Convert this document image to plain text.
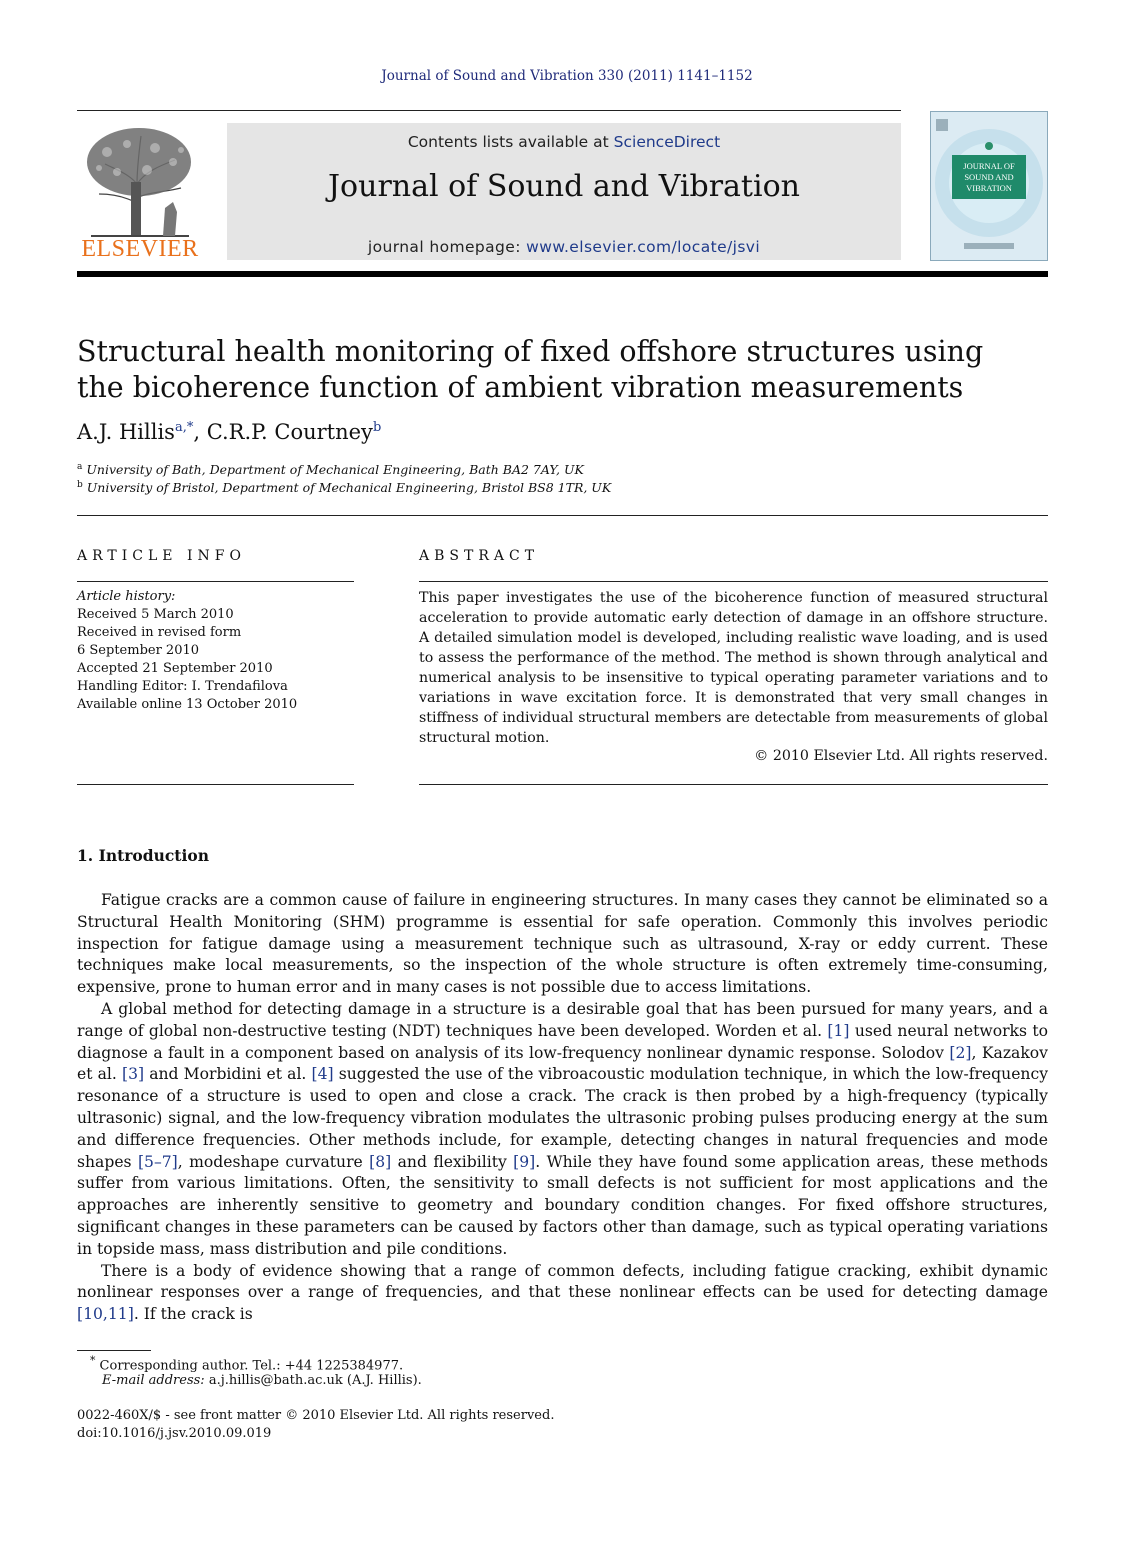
Journal of Sound and Vibration 330 (2011) 1141–1152
ELSEVIER
Contents lists available at ScienceDirect
Journal of Sound and Vibration
journal homepage: www.elsevier.com/locate/jsvi
JOURNAL OF
SOUND AND
VIBRATION
Structural health monitoring of fixed offshore structures using
the bicoherence function of ambient vibration measurements
A.J. Hillis$^{a,*}$, C.R.P. Courtney$^b$
$^a$ University of Bath, Department of Mechanical Engineering, Bath BA2 7AY, UK
$^b$ University of Bristol, Department of Mechanical Engineering, Bristol BS8 1TR, UK
ARTICLE INFO
Article history:
Received 5 March 2010
Received in revised form
6 September 2010
Accepted 21 September 2010
Handling Editor: I. Trendafilova
Available online 13 October 2010
ABSTRACT
This paper investigates the use of the bicoherence function of measured structural acceleration to provide automatic early detection of damage in an offshore structure. A detailed simulation model is developed, including realistic wave loading, and is used to assess the performance of the method. The method is shown through analytical and numerical analysis to be insensitive to typical operating parameter variations and to variations in wave excitation force. It is demonstrated that very small changes in stiffness of individual structural members are detectable from measurements of global structural motion.
© 2010 Elsevier Ltd. All rights reserved.
1. Introduction

Fatigue cracks are a common cause of failure in engineering structures. In many cases they cannot be eliminated so a Structural Health Monitoring (SHM) programme is essential for safe operation. Commonly this involves periodic inspection for fatigue damage using a measurement technique such as ultrasound, X-ray or eddy current. These techniques make local measurements, so the inspection of the whole structure is often extremely time-consuming, expensive, prone to human error and in many cases is not possible due to access limitations.

A global method for detecting damage in a structure is a desirable goal that has been pursued for many years, and a range of global non-destructive testing (NDT) techniques have been developed. Worden et al. [1] used neural networks to diagnose a fault in a component based on analysis of its low-frequency nonlinear dynamic response. Solodov [2], Kazakov et al. [3] and Morbidini et al. [4] suggested the use of the vibroacoustic modulation technique, in which the low-frequency resonance of a structure is used to open and close a crack. The crack is then probed by a high-frequency (typically ultrasonic) signal, and the low-frequency vibration modulates the ultrasonic probing pulses producing energy at the sum and difference frequencies. Other methods include, for example, detecting changes in natural frequencies and mode shapes [5–7], modeshape curvature [8] and flexibility [9]. While they have found some application areas, these methods suffer from various limitations. Often, the sensitivity to small defects is not sufficient for most applications and the approaches are inherently sensitive to geometry and boundary condition changes. For fixed offshore structures, significant changes in these parameters can be caused by factors other than damage, such as typical operating variations in topside mass, mass distribution and pile conditions.

There is a body of evidence showing that a range of common defects, including fatigue cracking, exhibit dynamic nonlinear responses over a range of frequencies, and that these nonlinear effects can be used for detecting damage [10,11]. If the crack is

* Corresponding author. Tel.: +44 1225384977.
E-mail address: a.j.hillis@bath.ac.uk (A.J. Hillis).
0022-460X/$ - see front matter © 2010 Elsevier Ltd. All rights reserved.
doi:10.1016/j.jsv.2010.09.019
